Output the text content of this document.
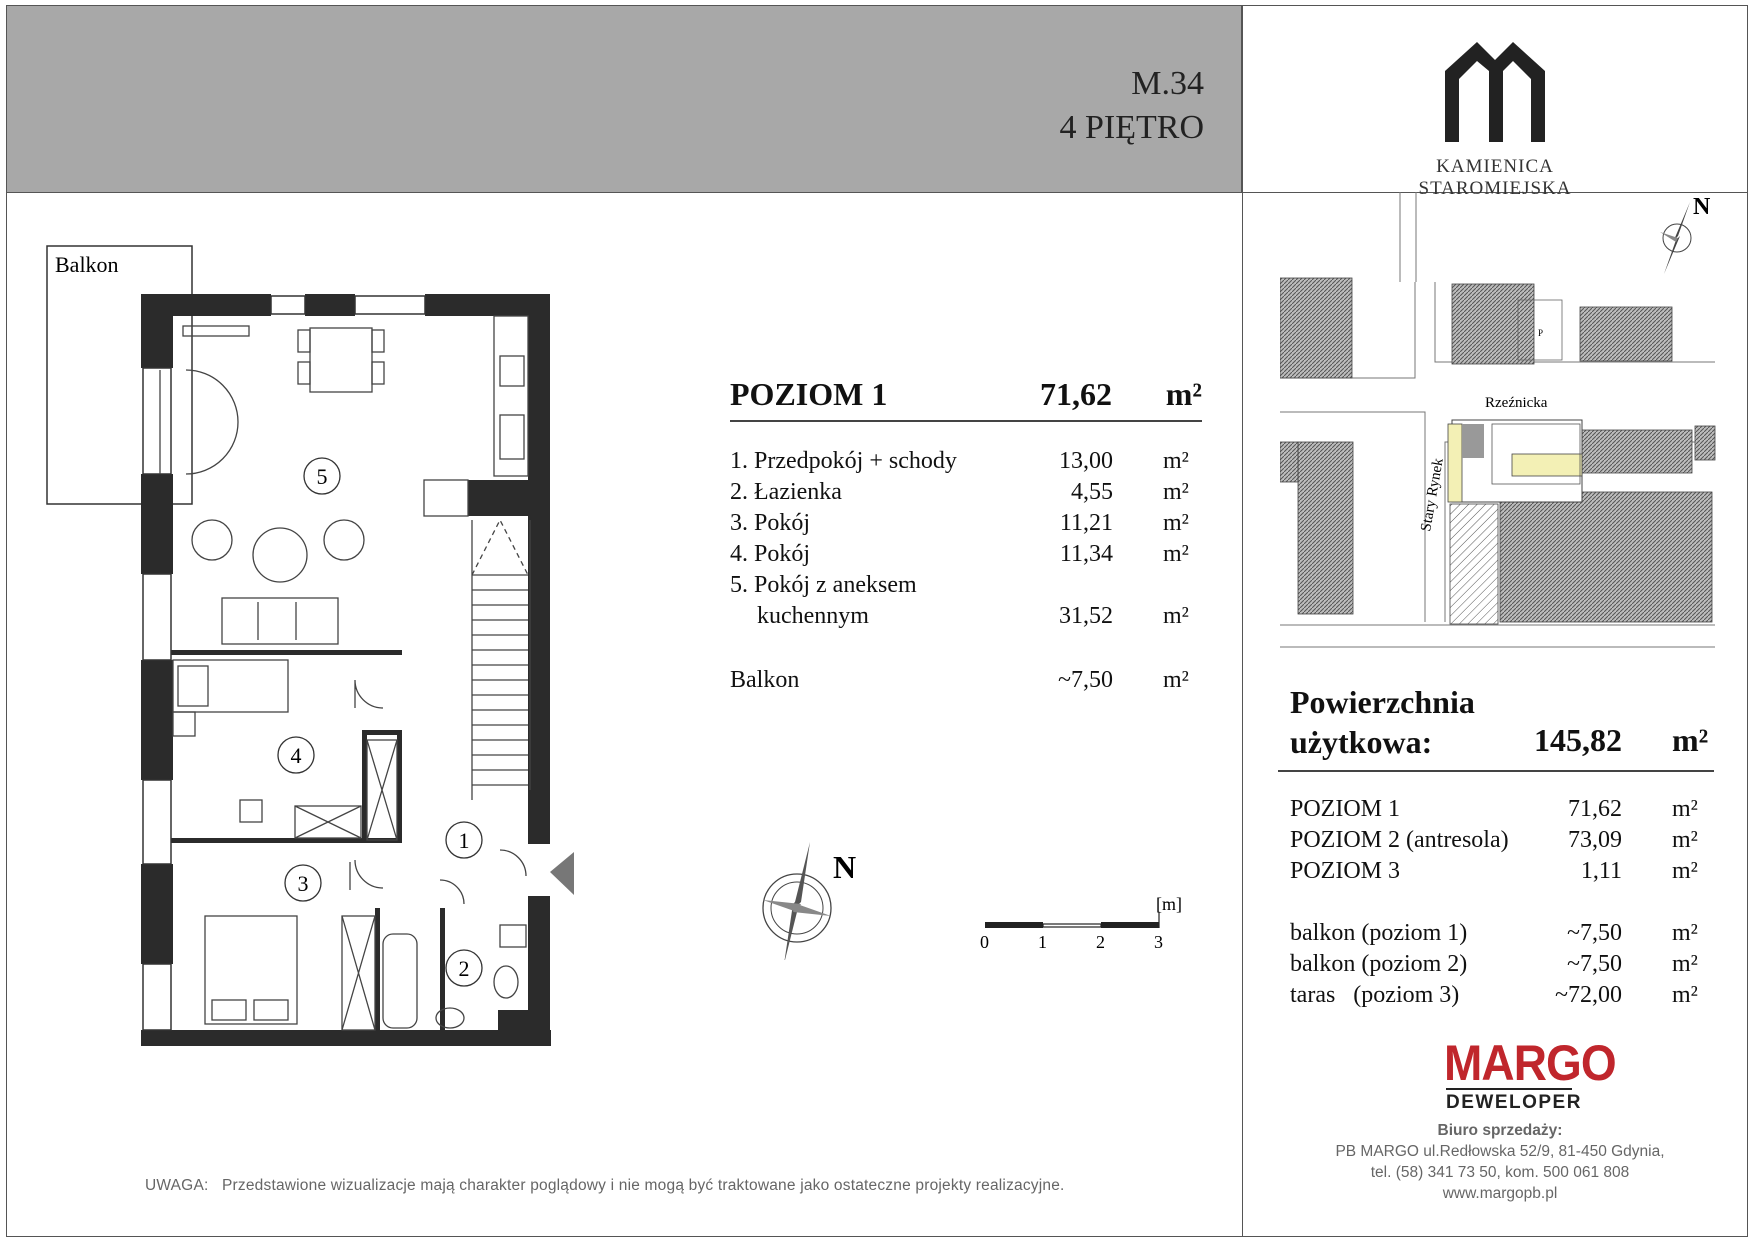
M.34
4 PIĘTRO
KAMIENICA STAROMIEJSKA
Balkon
5
4
1
3
2
POZIOM 1	71,62 m²
1. Przedpokój + schody	13,00 m²
2. Łazienka	4,55 m²
3. Pokój	11,21 m²
4. Pokój	11,34 m²
5. Pokój z aneksem
kuchennym	31,52 m²
Balkon	~7,50 m²
N
[m]
0	1	2	3
N
P
Rzeźnicka
Stary Rynek
Powierzchnia
użytkowa:	145,82 m²
POZIOM 1	71,62 m²
POZIOM 2 (antresola)	73,09 m²
POZIOM 3	1,11 m²
balkon (poziom 1)	~7,50 m²
balkon (poziom 2)	~7,50 m²
taras   (poziom 3)	~72,00 m²
MARGO
DEWELOPER
Biuro sprzedaży:
PB MARGO ul.Redłowska 52/9, 81-450 Gdynia,
tel. (58) 341 73 50, kom. 500 061 808
www.margopb.pl
UWAGA:   Przedstawione wizualizacje mają charakter poglądowy i nie mogą być traktowane jako ostateczne projekty realizacyjne.
